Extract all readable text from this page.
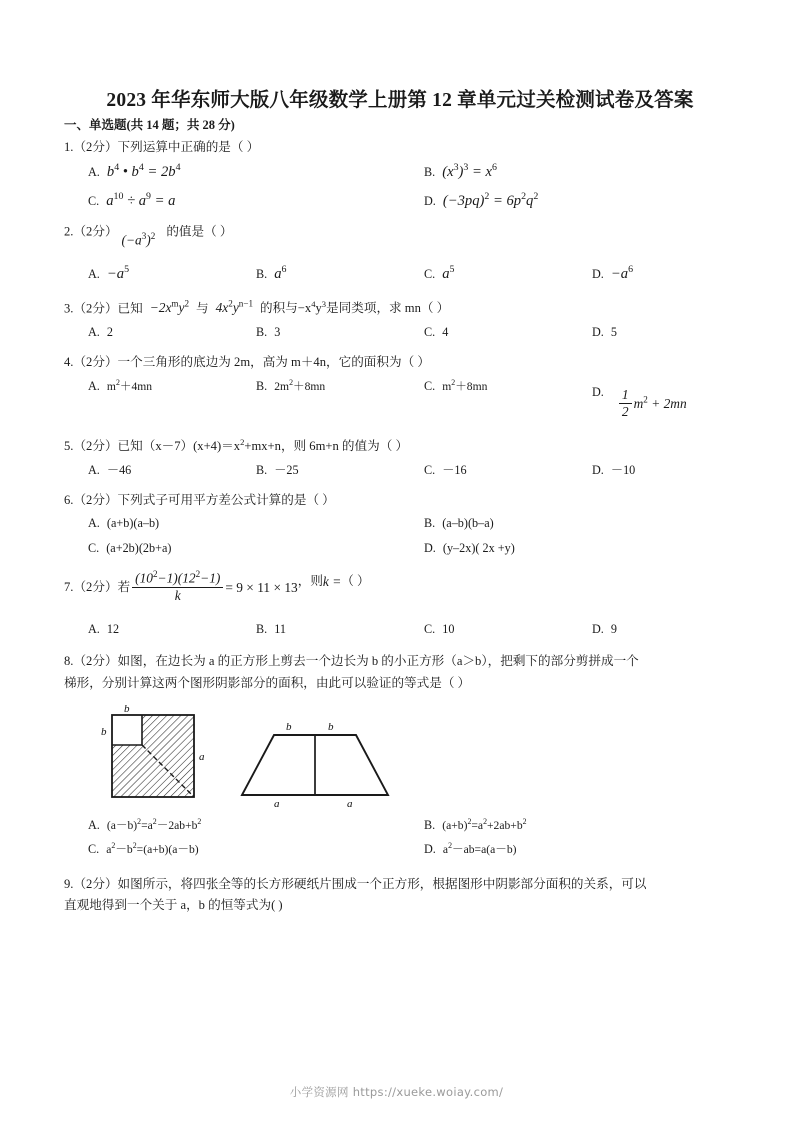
2023 年华东师大版八年级数学上册第 12 章单元过关检测试卷及答案
一、单选题(共 14 题；共 28 分)
1.（2分）下列运算中正确的是（ ）
A. $b^4$ • $b^4 = 2b^4$	B. $(x^3)^3 = x^6$
C. $a^{10} \div a^9 = a$	D. $(-3pq)^2 = 6p^2q^2$
2.（2分）$(-a^3)^2$ 的值是（ ）
A. $-a^5$	B. $a^6$	C. $a^5$	D. $-a^6$
3.（2分）已知 $-2x^my^2$ 与 $4x^2y^{n-1}$ 的积与$-x^4y^3$是同类项，求 mn（ ）
A. 2	B. 3	C. 4	D. 5
4.（2分）一个三角形的底边为 2m，高为 m＋4n，它的面积为（ ）
A. $m^2+4mn$	B. $2m^2+8mn$	C. $m^2+8mn$	D. $\frac{1}{2} m^2 + 2mn$
5.（2分）已知$(x-7)(x+4)=x^2+mx+n$，则 6m+n 的值为（ ）
A. －46	B. －25	C. －16	D. －10
6.（2分）下列式子可用平方差公式计算的是（ ）
A. (a+b)(a–b)	B. (a–b)(b–a)
C. (a+2b)(2b+a)	D. (y–2x)( 2x +y)
7. （2分） 若 $\frac{(10^2-1)(12^2-1)}{k} = 9 \times 11 \times 13$ ，则 k = （ ）
A. 12	B. 11	C. 10	D. 9
8.（2分）如图，在边长为 a 的正方形上剪去一个边长为 b 的小正方形（a＞b），把剩下的部分剪拼成一个
梯形，分别计算这两个图形阴影部分的面积，由此可以验证的等式是（ ）
b
b
a
b	b
a	a
A. $(a-b)^2=a^2-2ab+b^2$	B. $(a+b)^2=a^2+2ab+b^2$
C. $a^2-b^2=(a+b)(a-b)$	D. $a^2-ab=a(a-b)$
9.（2分）如图所示，将四张全等的长方形硬纸片围成一个正方形，根据图形中阴影部分面积的关系，可以
直观地得到一个关于 a，b 的恒等式为( )
小学资源网 https://xueke.woiay.com/
